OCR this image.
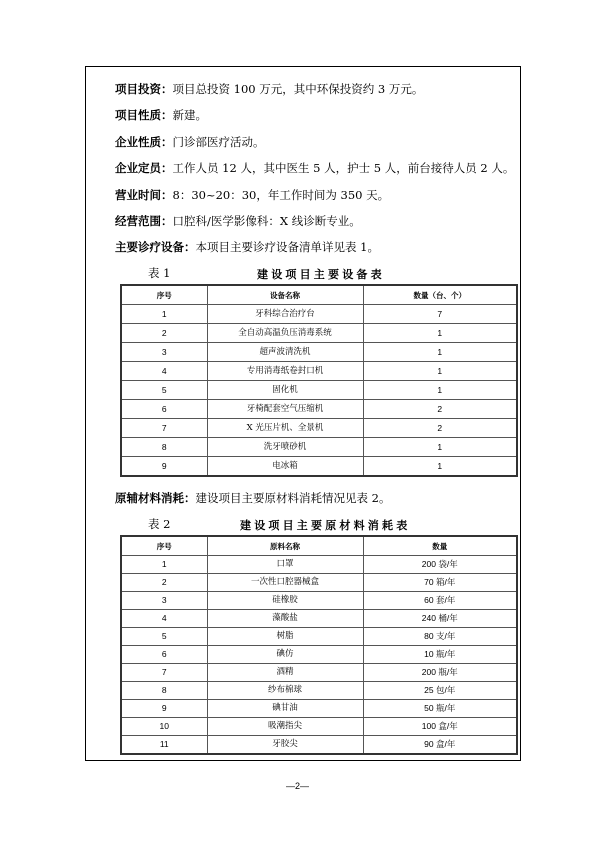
项目投资：项目总投资 100 万元，其中环保投资约 3 万元。
项目性质：新建。
企业性质：门诊部医疗活动。
企业定员：工作人员 12 人，其中医生 5 人，护士 5 人，前台接待人员 2 人。
营业时间：8：30~20：30，年工作时间为 350 天。
经营范围：口腔科/医学影像科：X 线诊断专业。
主要诊疗设备：本项目主要诊疗设备清单详见表 1。
表 1	建设项目主要设备表
序号	设备名称	数量（台、个）
1	牙科综合治疗台	7
2	全自动高温负压消毒系统	1
3	超声波清洗机	1
4	专用消毒纸卷封口机	1
5	固化机	1
6	牙椅配套空气压缩机	2
7	X 光压片机、全景机	2
8	洗牙喷砂机	1
9	电冰箱	1
原辅材料消耗：建设项目主要原材料消耗情况见表 2。
表 2	建设项目主要原材料消耗表
序号	原料名称	数量
1	口罩	200 袋/年
2	一次性口腔器械盒	70 箱/年
3	硅橡胶	60 套/年
4	藻酸盐	240 桶/年
5	树脂	80 支/年
6	碘仿	10 瓶/年
7	酒精	200 瓶/年
8	纱布棉球	25 包/年
9	碘甘油	50 瓶/年
10	吸潮指尖	100 盒/年
11	牙胶尖	90 盒/年
—2—
